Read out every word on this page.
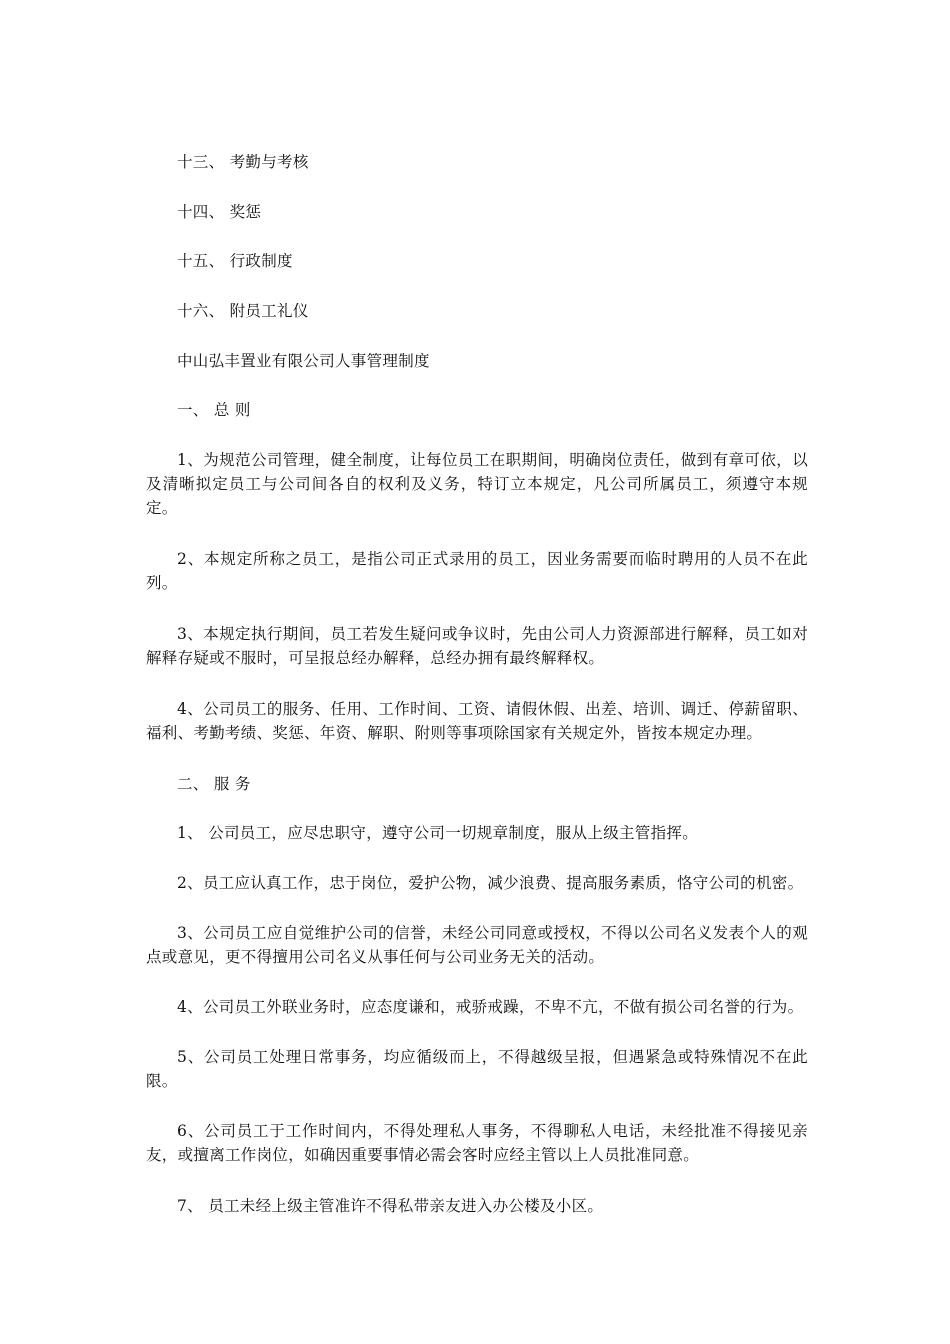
十三、 考勤与考核

十四、 奖惩

十五、 行政制度

十六、 附员工礼仪

中山弘丰置业有限公司人事管理制度

一、 总 则

1、为规范公司管理，健全制度，让每位员工在职期间，明确岗位责任，做到有章可依，以及清晰拟定员工与公司间各自的权利及义务，特订立本规定，凡公司所属员工，须遵守本规定。

2、本规定所称之员工，是指公司正式录用的员工，因业务需要而临时聘用的人员不在此列。

3、本规定执行期间，员工若发生疑问或争议时，先由公司人力资源部进行解释，员工如对解释存疑或不服时，可呈报总经办解释，总经办拥有最终解释权。

4、公司员工的服务、任用、工作时间、工资、请假休假、出差、培训、调迁、停薪留职、福利、考勤考绩、奖惩、年资、解职、附则等事项除国家有关规定外，皆按本规定办理。

二、 服 务

1、 公司员工，应尽忠职守，遵守公司一切规章制度，服从上级主管指挥。

2、员工应认真工作，忠于岗位，爱护公物，减少浪费、提高服务素质，恪守公司的机密。

3、公司员工应自觉维护公司的信誉，未经公司同意或授权，不得以公司名义发表个人的观点或意见，更不得擅用公司名义从事任何与公司业务无关的活动。

4、公司员工外联业务时，应态度谦和，戒骄戒躁，不卑不亢，不做有损公司名誉的行为。

5、公司员工处理日常事务，均应循级而上，不得越级呈报，但遇紧急或特殊情况不在此限。

6、公司员工于工作时间内，不得处理私人事务，不得聊私人电话，未经批准不得接见亲友，或擅离工作岗位，如确因重要事情必需会客时应经主管以上人员批准同意。

7、 员工未经上级主管准许不得私带亲友进入办公楼及小区。
